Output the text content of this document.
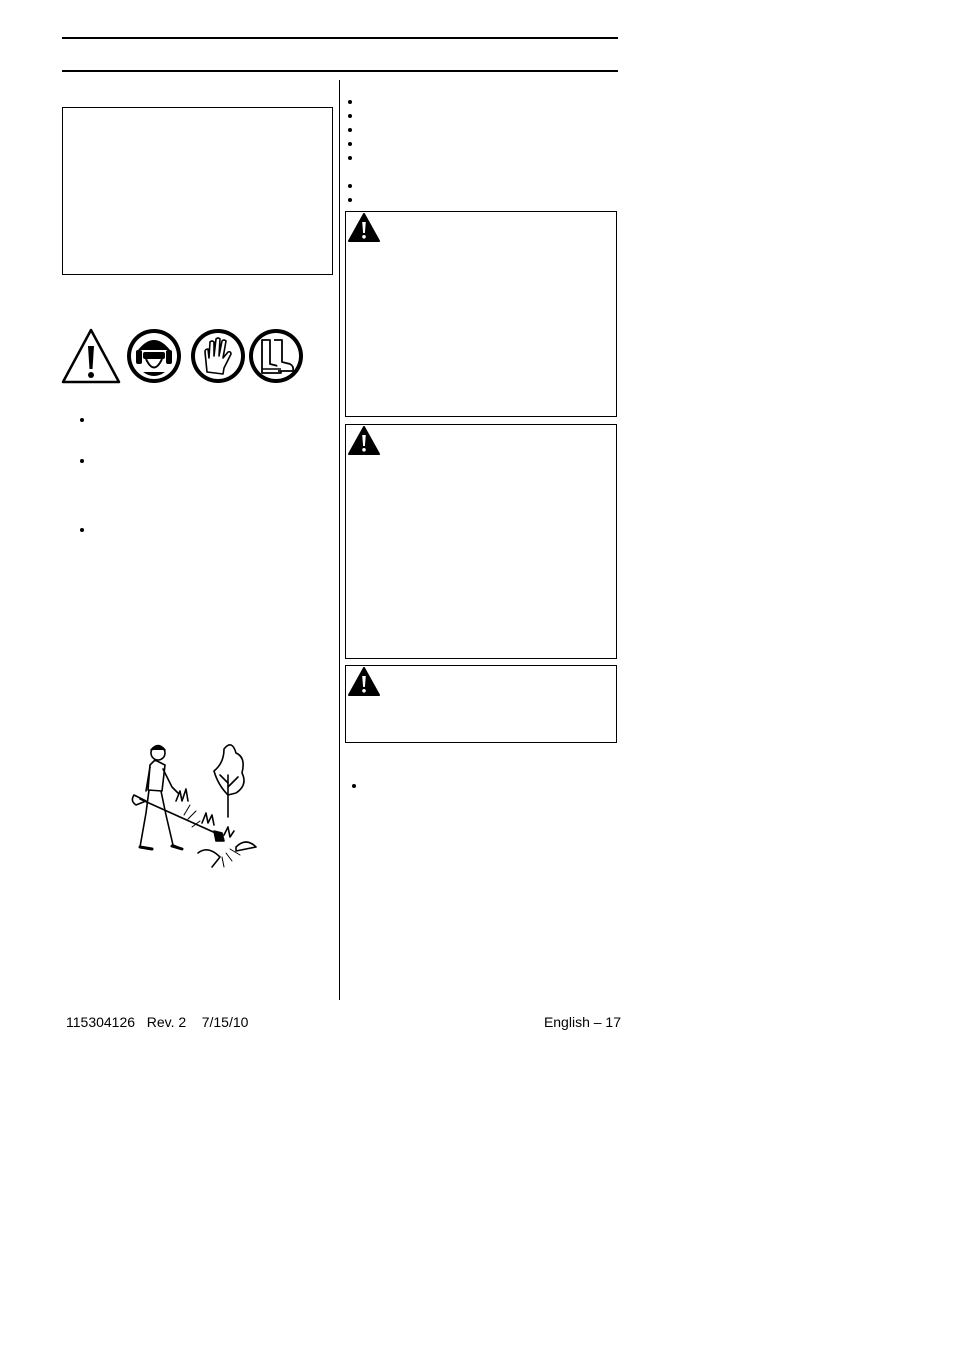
115304126 Rev. 2 7/15/10	English – 17
